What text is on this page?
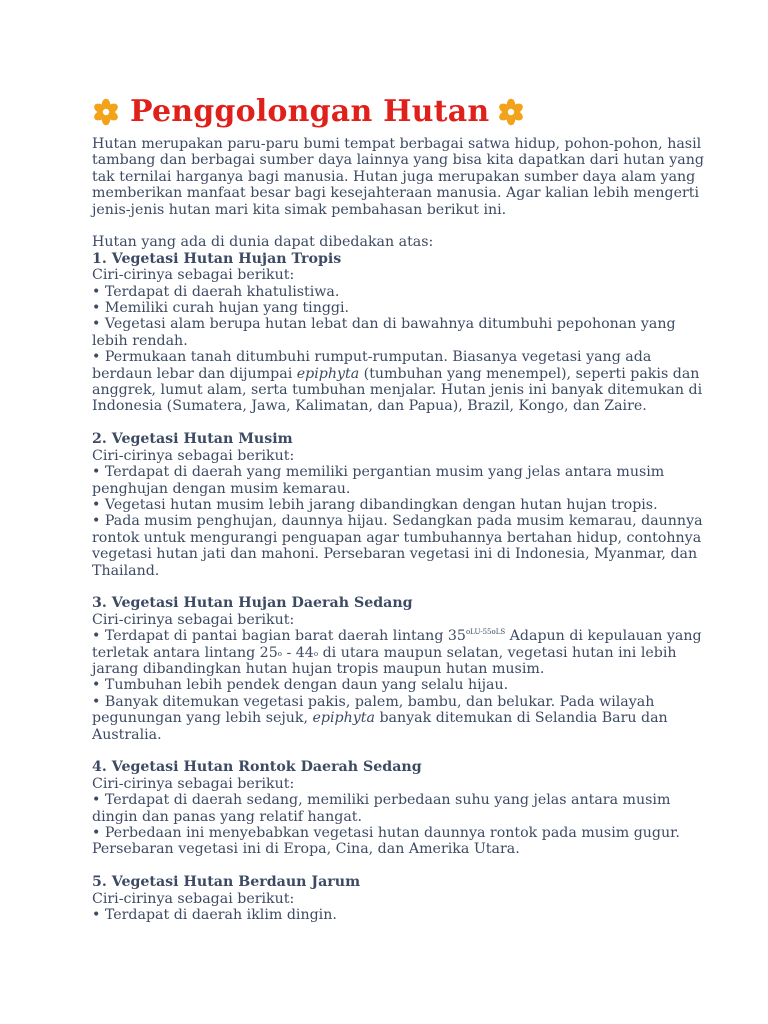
Penggolongan Hutan

Hutan merupakan paru-paru bumi tempat berbagai satwa hidup, pohon-pohon, hasil

tambang dan berbagai sumber daya lainnya yang bisa kita dapatkan dari hutan yang

tak ternilai harganya bagi manusia. Hutan juga merupakan sumber daya alam yang

memberikan manfaat besar bagi kesejahteraan manusia. Agar kalian lebih mengerti

jenis-jenis hutan mari kita simak pembahasan berikut ini.

Hutan yang ada di dunia dapat dibedakan atas:

1. Vegetasi Hutan Hujan Tropis

Ciri-cirinya sebagai berikut:

• Terdapat di daerah khatulistiwa.

• Memiliki curah hujan yang tinggi.

• Vegetasi alam berupa hutan lebat dan di bawahnya ditumbuhi pepohonan yang

lebih rendah.

• Permukaan tanah ditumbuhi rumput-rumputan. Biasanya vegetasi yang ada

berdaun lebar dan dijumpai epiphyta (tumbuhan yang menempel), seperti pakis dan

anggrek, lumut alam, serta tumbuhan menjalar. Hutan jenis ini banyak ditemukan di

Indonesia (Sumatera, Jawa, Kalimatan, dan Papua), Brazil, Kongo, dan Zaire.

2. Vegetasi Hutan Musim

Ciri-cirinya sebagai berikut:

• Terdapat di daerah yang memiliki pergantian musim yang jelas antara musim

penghujan dengan musim kemarau.

• Vegetasi hutan musim lebih jarang dibandingkan dengan hutan hujan tropis.

• Pada musim penghujan, daunnya hijau. Sedangkan pada musim kemarau, daunnya

rontok untuk mengurangi penguapan agar tumbuhannya bertahan hidup, contohnya

vegetasi hutan jati dan mahoni. Persebaran vegetasi ini di Indonesia, Myanmar, dan

Thailand.

3. Vegetasi Hutan Hujan Daerah Sedang

Ciri-cirinya sebagai berikut:

• Terdapat di pantai bagian barat daerah lintang $35^{oLU-55oLS}$ Adapun di kepulauan yang

terletak antara lintang 25o - 44o di utara maupun selatan, vegetasi hutan ini lebih

jarang dibandingkan hutan hujan tropis maupun hutan musim.

• Tumbuhan lebih pendek dengan daun yang selalu hijau.

• Banyak ditemukan vegetasi pakis, palem, bambu, dan belukar. Pada wilayah

pegunungan yang lebih sejuk, epiphyta banyak ditemukan di Selandia Baru dan

Australia.

4. Vegetasi Hutan Rontok Daerah Sedang

Ciri-cirinya sebagai berikut:

• Terdapat di daerah sedang, memiliki perbedaan suhu yang jelas antara musim

dingin dan panas yang relatif hangat.

• Perbedaan ini menyebabkan vegetasi hutan daunnya rontok pada musim gugur.

Persebaran vegetasi ini di Eropa, Cina, dan Amerika Utara.

5. Vegetasi Hutan Berdaun Jarum

Ciri-cirinya sebagai berikut:

• Terdapat di daerah iklim dingin.
